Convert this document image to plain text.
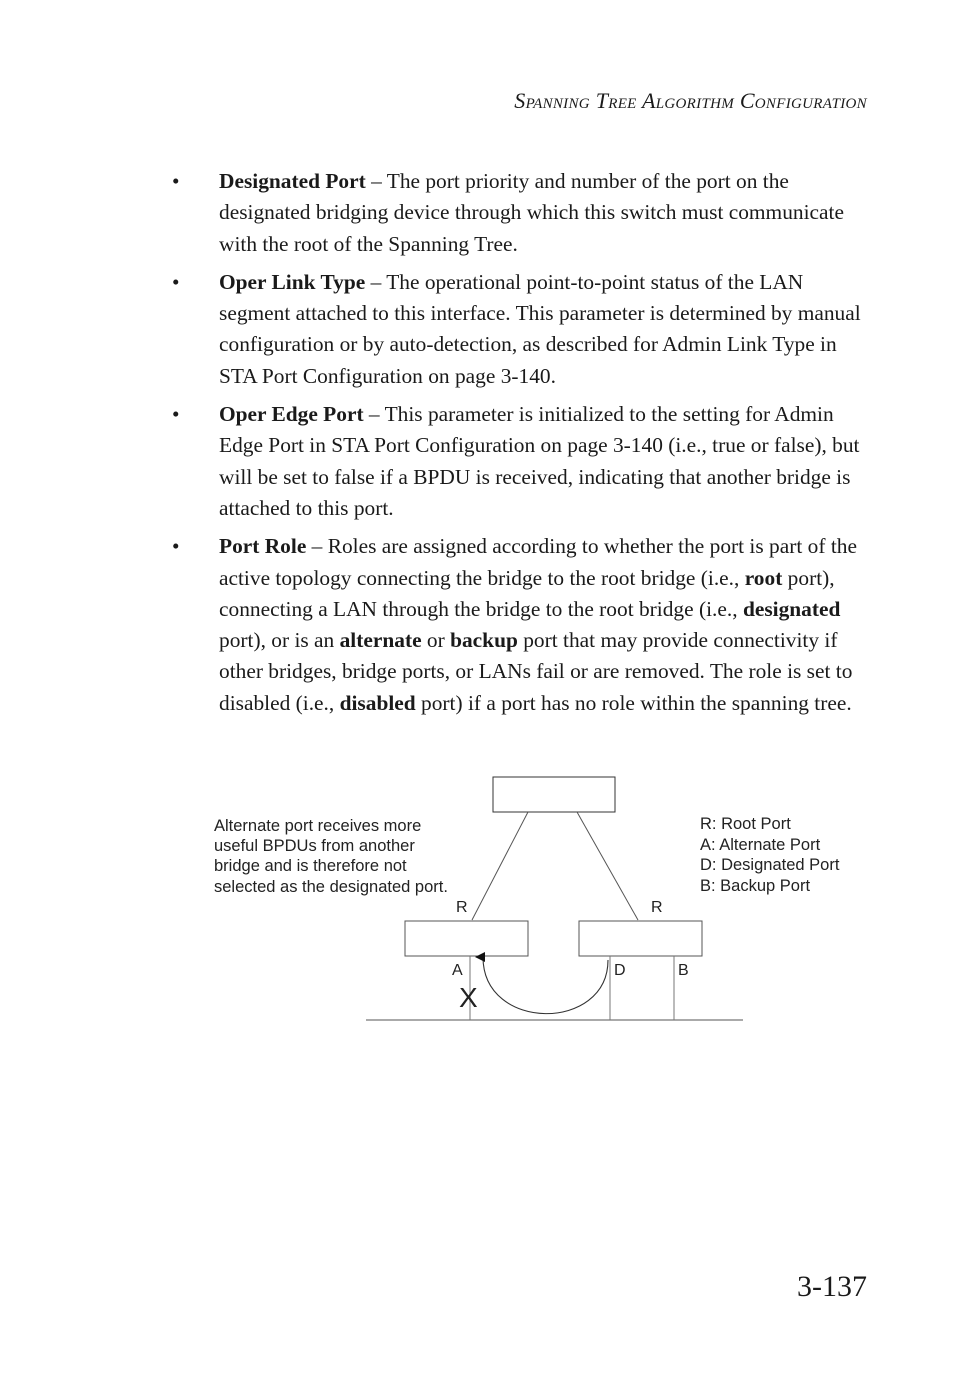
Spanning Tree Algorithm Configuration
•	Designated Port – The port priority and number of the port on the designated bridging device through which this switch must communicate with the root of the Spanning Tree.
•	Oper Link Type – The operational point-to-point status of the LAN segment attached to this interface. This parameter is determined by manual configuration or by auto-detection, as described for Admin Link Type in STA Port Configuration on page 3-140.
•	Oper Edge Port – This parameter is initialized to the setting for Admin Edge Port in STA Port Configuration on page 3-140 (i.e., true or false), but will be set to false if a BPDU is received, indicating that another bridge is attached to this port.
•	Port Role – Roles are assigned according to whether the port is part of the active topology connecting the bridge to the root bridge (i.e., root port), connecting a LAN through the bridge to the root bridge (i.e., designated port), or is an alternate or backup port that may provide connectivity if other bridges, bridge ports, or LANs fail or are removed. The role is set to disabled (i.e., disabled port) if a port has no role within the spanning tree.
Alternate port receives more useful BPDUs from another bridge and is therefore not selected as the designated port.
R: Root Port
A: Alternate Port
D: Designated Port
B: Backup Port
R	R
A	D	B
X
3-137
